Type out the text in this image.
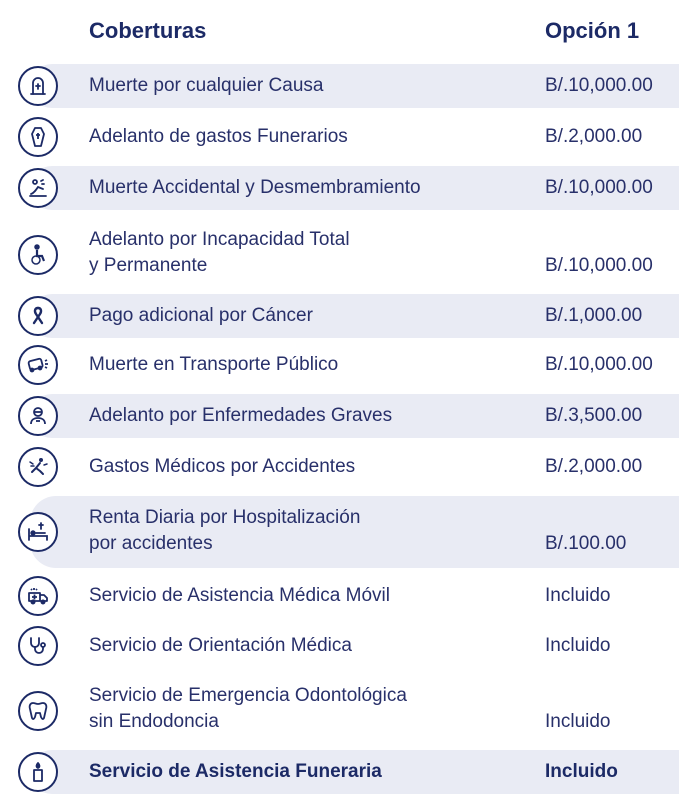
Coberturas	Opción 1
Muerte por cualquier Causa	B/.10,000.00
Adelanto de gastos Funerarios	B/.2,000.00
Muerte Accidental y Desmembramiento	B/.10,000.00
Adelanto por Incapacidad Total
y Permanente	B/.10,000.00
Pago adicional por Cáncer	B/.1,000.00
Muerte en Transporte Público	B/.10,000.00
Adelanto por Enfermedades Graves	B/.3,500.00
Gastos Médicos por Accidentes	B/.2,000.00
Renta Diaria por Hospitalización
por accidentes	B/.100.00
Servicio de Asistencia Médica Móvil	Incluido
Servicio de Orientación Médica	Incluido
Servicio de Emergencia Odontológica
sin Endodoncia	Incluido
Servicio de Asistencia Funeraria	Incluido
